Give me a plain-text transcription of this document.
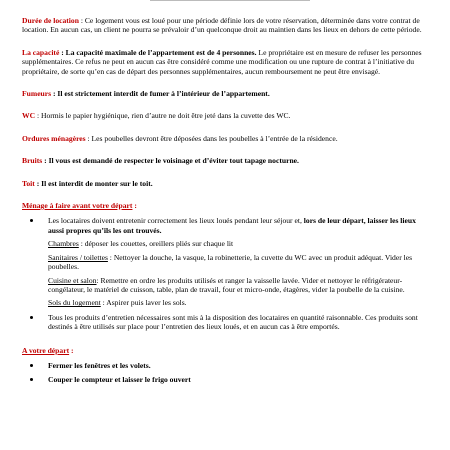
Durée de location : Ce logement vous est loué pour une période définie lors de votre réservation, déterminée dans votre contrat de location. En aucun cas, un client ne pourra se prévaloir d’un quelconque droit au maintien dans les lieux en dehors de cette période.

La capacité : La capacité maximale de l’appartement est de 4 personnes. Le propriétaire est en mesure de refuser les personnes supplémentaires. Ce refus ne peut en aucun cas être considéré comme une modification ou une rupture de contrat à l’initiative du propriétaire, de sorte qu’en cas de départ des personnes supplémentaires, aucun remboursement ne peut être envisagé.

Fumeurs : Il est strictement interdit de fumer à l’intérieur de l’appartement.

WC : Hormis le papier hygiénique, rien d’autre ne doit être jeté dans la cuvette des WC.

Ordures ménagères : Les poubelles devront être déposées dans les poubelles à l’entrée de la résidence.

Bruits : Il vous est demandé de respecter le voisinage et d’éviter tout tapage nocturne.

Toit : Il est interdit de monter sur le toit.

Ménage à faire avant votre départ :

Les locataires doivent entretenir correctement les lieux loués pendant leur séjour et, lors de leur départ, laisser les lieux aussi propres qu’ils les ont trouvés.

Chambres : déposer les couettes, oreillers pliés sur chaque lit

Sanitaires / toilettes : Nettoyer la douche, la vasque, la robinetterie, la cuvette du WC avec un produit adéquat. Vider les poubelles.

Cuisine et salon: Remettre en ordre les produits utilisés et ranger la vaisselle lavée. Vider et nettoyer le réfrigérateur-congélateur, le matériel de cuisson, table, plan de travail, four et micro-onde, étagères, vider la poubelle de la cuisine.

Sols du logement : Aspirer puis laver les sols.

Tous les produits d’entretien nécessaires sont mis à la disposition des locataires en quantité raisonnable. Ces produits sont destinés à être utilisés sur place pour l’entretien des lieux loués, et en aucun cas à être emportés.

A votre départ :

Fermer les fenêtres et les volets.
Couper le compteur et laisser le frigo ouvert
